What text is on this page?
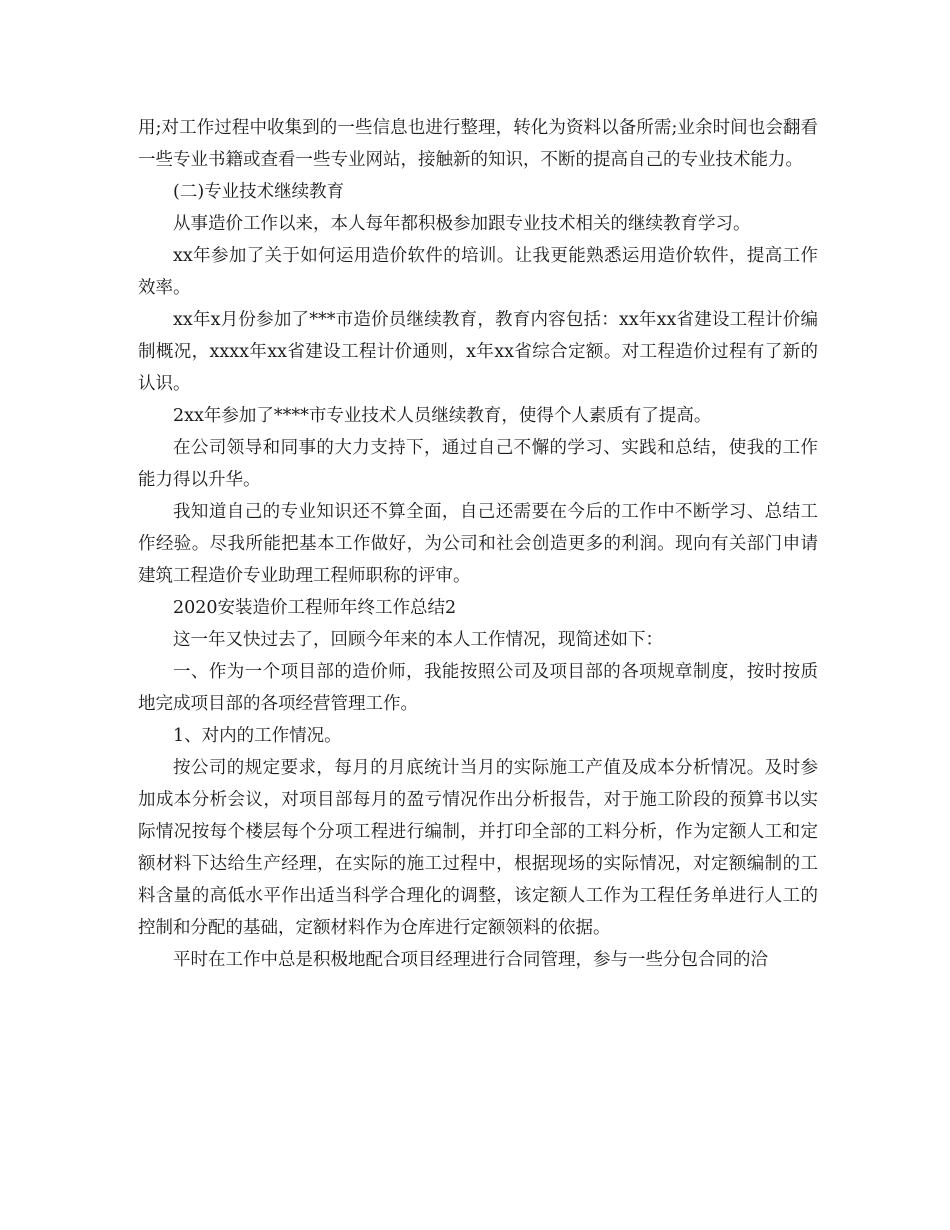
用;对工作过程中收集到的一些信息也进行整理，转化为资料以备所需;业余时间也会翻看一些专业书籍或查看一些专业网站，接触新的知识，不断的提高自己的专业技术能力。

(二)专业技术继续教育

从事造价工作以来，本人每年都积极参加跟专业技术相关的继续教育学习。

xx年参加了关于如何运用造价软件的培训。让我更能熟悉运用造价软件，提高工作效率。

xx年x月份参加了***市造价员继续教育，教育内容包括：xx年xx省建设工程计价编制概况，xxxx年xx省建设工程计价通则，x年xx省综合定额。对工程造价过程有了新的认识。

2xx年参加了****市专业技术人员继续教育，使得个人素质有了提高。

在公司领导和同事的大力支持下，通过自己不懈的学习、实践和总结，使我的工作能力得以升华。

我知道自己的专业知识还不算全面，自己还需要在今后的工作中不断学习、总结工作经验。尽我所能把基本工作做好，为公司和社会创造更多的利润。现向有关部门申请建筑工程造价专业助理工程师职称的评审。

2020安装造价工程师年终工作总结2

这一年又快过去了，回顾今年来的本人工作情况，现简述如下：

一、作为一个项目部的造价师，我能按照公司及项目部的各项规章制度，按时按质地完成项目部的各项经营管理工作。

1、对内的工作情况。

按公司的规定要求，每月的月底统计当月的实际施工产值及成本分析情况。及时参加成本分析会议，对项目部每月的盈亏情况作出分析报告，对于施工阶段的预算书以实际情况按每个楼层每个分项工程进行编制，并打印全部的工料分析，作为定额人工和定额材料下达给生产经理，在实际的施工过程中，根据现场的实际情况，对定额编制的工料含量的高低水平作出适当科学合理化的调整，该定额人工作为工程任务单进行人工的控制和分配的基础，定额材料作为仓库进行定额领料的依据。

平时在工作中总是积极地配合项目经理进行合同管理，参与一些分包合同的洽
